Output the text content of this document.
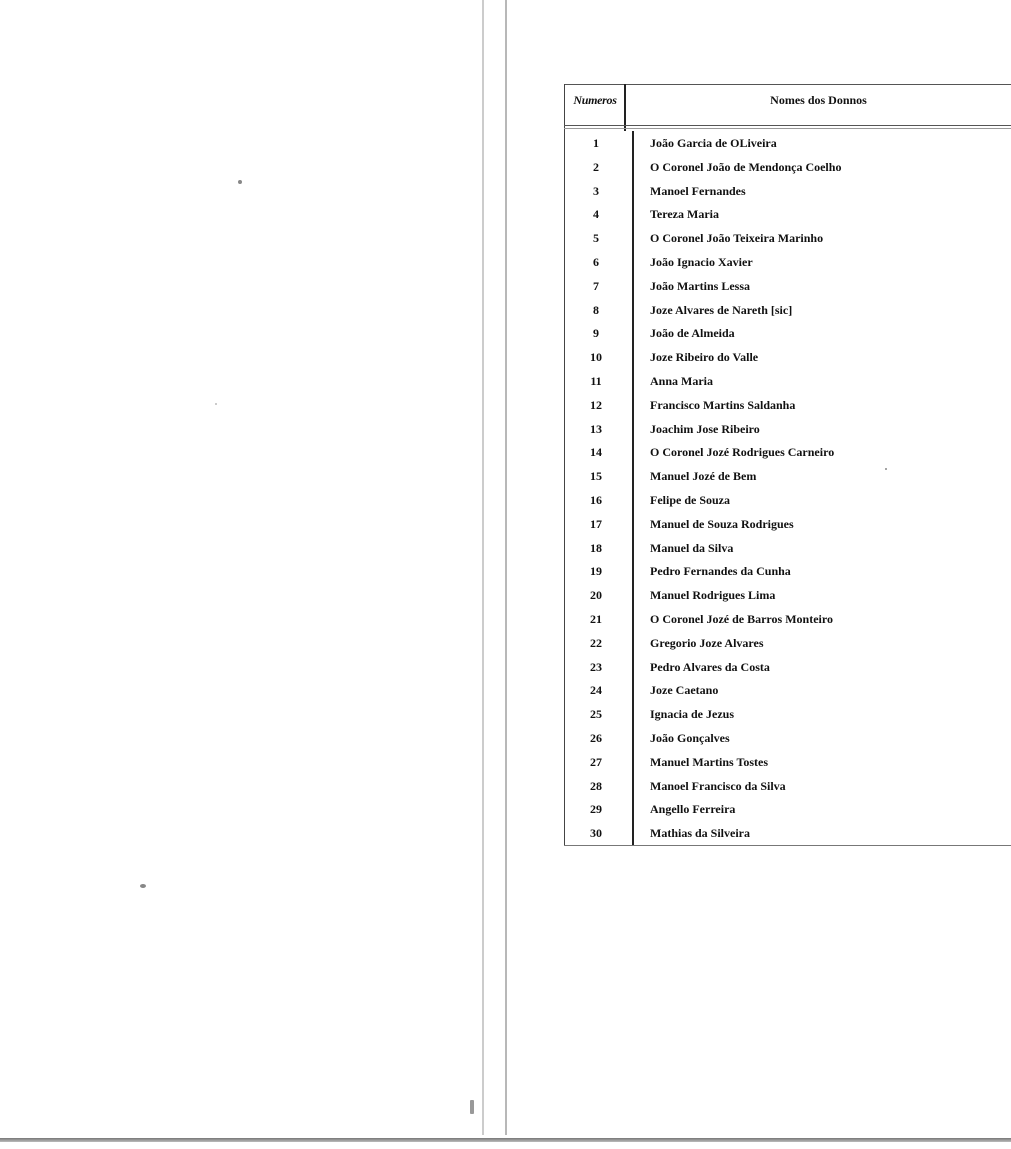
Numeros	Nomes dos Donnos
1	João Garcia de OLiveira
2	O Coronel João de Mendonça Coelho
3	Manoel Fernandes
4	Tereza Maria
5	O Coronel João Teixeira Marinho
6	João Ignacio Xavier
7	João Martins Lessa
8	Joze Alvares de Nareth [sic]
9	João de Almeida
10	Joze Ribeiro do Valle
11	Anna Maria
12	Francisco Martins Saldanha
13	Joachim Jose Ribeiro
14	O Coronel Jozé Rodrigues Carneiro
15	Manuel Jozé de Bem
16	Felipe de Souza
17	Manuel de Souza Rodrigues
18	Manuel da Silva
19	Pedro Fernandes da Cunha
20	Manuel Rodrigues Lima
21	O Coronel Jozé de Barros Monteiro
22	Gregorio Joze Alvares
23	Pedro Alvares da Costa
24	Joze Caetano
25	Ignacia de Jezus
26	João Gonçalves
27	Manuel Martins Tostes
28	Manoel Francisco da Silva
29	Angello Ferreira
30	Mathias da Silveira
